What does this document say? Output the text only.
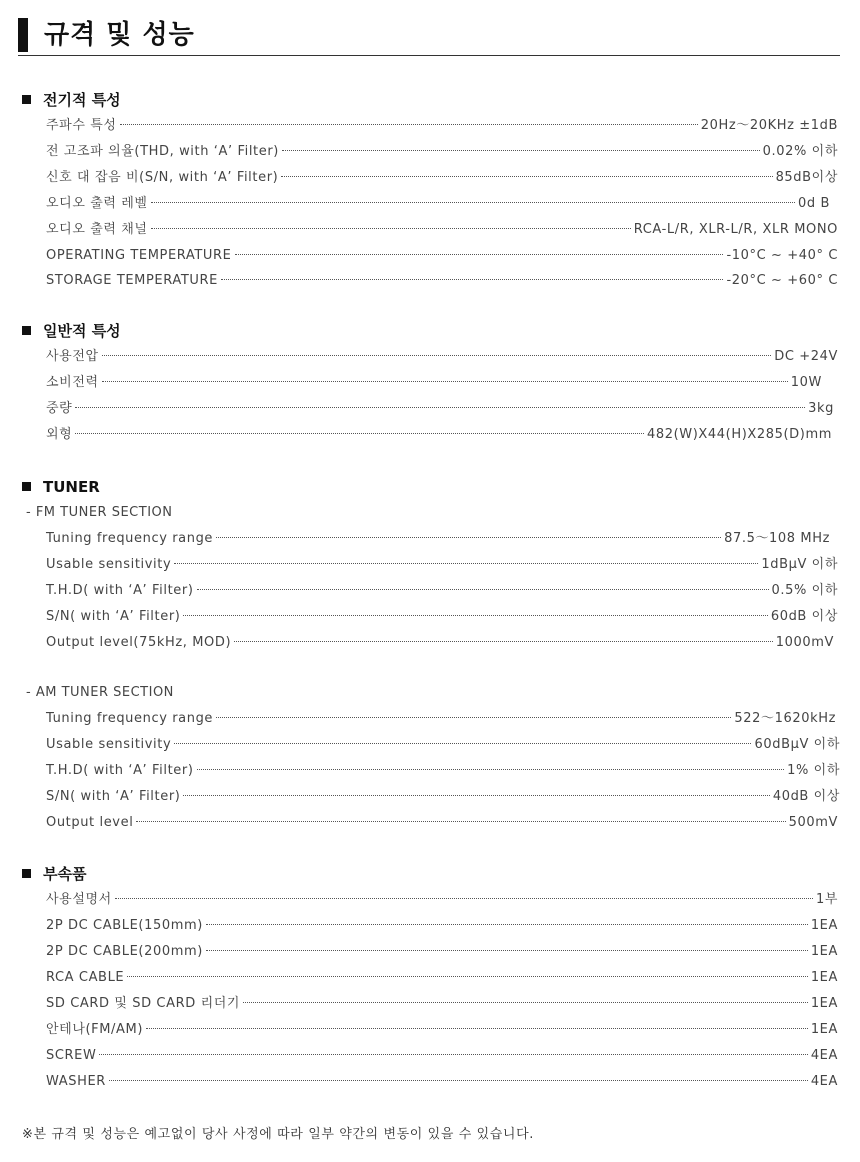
규격 및 성능
전기적 특성
주파수 특성	20Hz～20KHz ±1dB
전 고조파 의율(THD, with ‘A’ Filter)	0.02% 이하
신호 대 잡음 비(S/N, with ‘A’ Filter)	85dB이상
오디오 출력 레벨	0d B
오디오 출력 채널	RCA-L/R, XLR-L/R, XLR MONO
OPERATING TEMPERATURE	-10°C ~ +40° C
STORAGE TEMPERATURE	-20°C ~ +60° C
일반적 특성
사용전압	DC +24V
소비전력	10W
중량	3kg
외형	482(W)X44(H)X285(D)mm
TUNER
- FM TUNER SECTION
Tuning frequency range	87.5～108 MHz
Usable sensitivity	1dBμV 이하
T.H.D( with ‘A’ Filter)	0.5% 이하
S/N( with ‘A’ Filter)	60dB 이상
Output level(75kHz, MOD)	1000mV
- AM TUNER SECTION
Tuning frequency range	522～1620kHz
Usable sensitivity	60dBμV 이하
T.H.D( with ‘A’ Filter)	1% 이하
S/N( with ‘A’ Filter)	40dB 이상
Output level	500mV
부속품
사용설명서	1부
2P DC CABLE(150mm)	1EA
2P DC CABLE(200mm)	1EA
RCA CABLE	1EA
SD CARD 및 SD CARD 리더기	1EA
안테나(FM/AM)	1EA
SCREW	4EA
WASHER	4EA
※본 규격 및 성능은 예고없이 당사 사정에 따라 일부 약간의 변동이 있을 수 있습니다.
